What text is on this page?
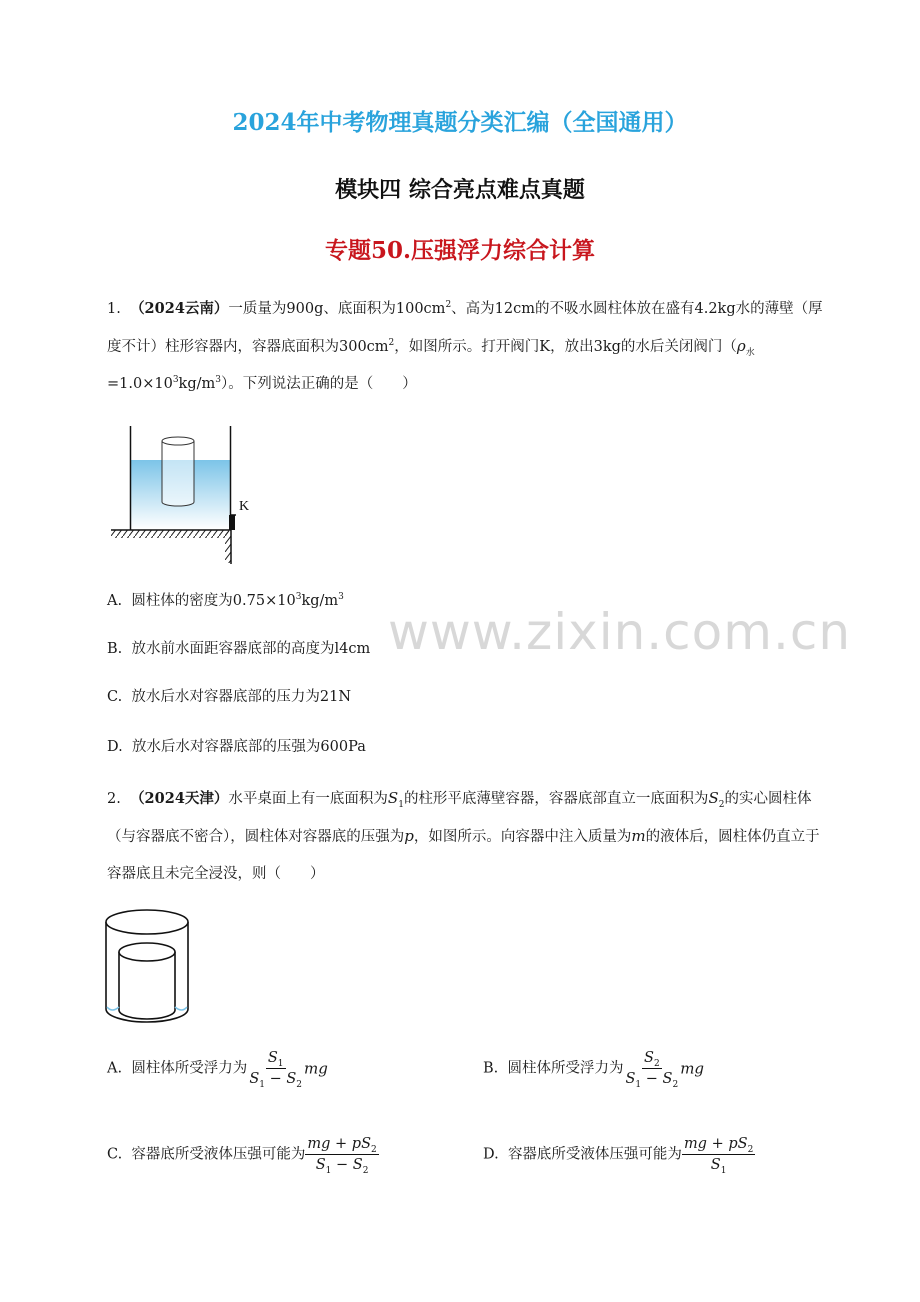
2024年中考物理真题分类汇编（全国通用）
模块四 综合亮点难点真题
专题50.压强浮力综合计算
www.zixin.com.cn
1. （2024云南）一质量为900g、底面积为$100cm^2$、高为12cm的不吸水圆柱体放在盛有4.2kg水的薄壁（厚度不计）柱形容器内，容器底面积为$300cm^2$，如图所示。打开阀门K，放出3kg的水后关闭阀门$(\rho_水=1.0\times 10^3kg/m^3)$。下列说法正确的是（　　）
K
A. 圆柱体的密度为$0.75\times 10^3kg/m^3$
B. 放水前水面距容器底部的高度为l4cm
C. 放水后水对容器底部的压力为21N
D. 放水后水对容器底部的压强为600Pa
2. （2024天津）水平桌面上有一底面积为$S_1$的柱形平底薄壁容器，容器底部直立一底面积为$S_2$的实心圆柱体（与容器底不密合），圆柱体对容器底的压强为p，如图所示。向容器中注入质量为m的液体后，圆柱体仍直立于容器底且未完全浸没，则（　　）
A. 圆柱体所受浮力为 $\frac{S_1}{S_1 - S_2}$ mg	B. 圆柱体所受浮力为 $\frac{S_2}{S_1 - S_2}$ mg
C. 容器底所受液体压强可能为 $\frac{mg + pS_2}{S_1 - S_2}$	D. 容器底所受液体压强可能为 $\frac{mg + pS_2}{S_1}$
